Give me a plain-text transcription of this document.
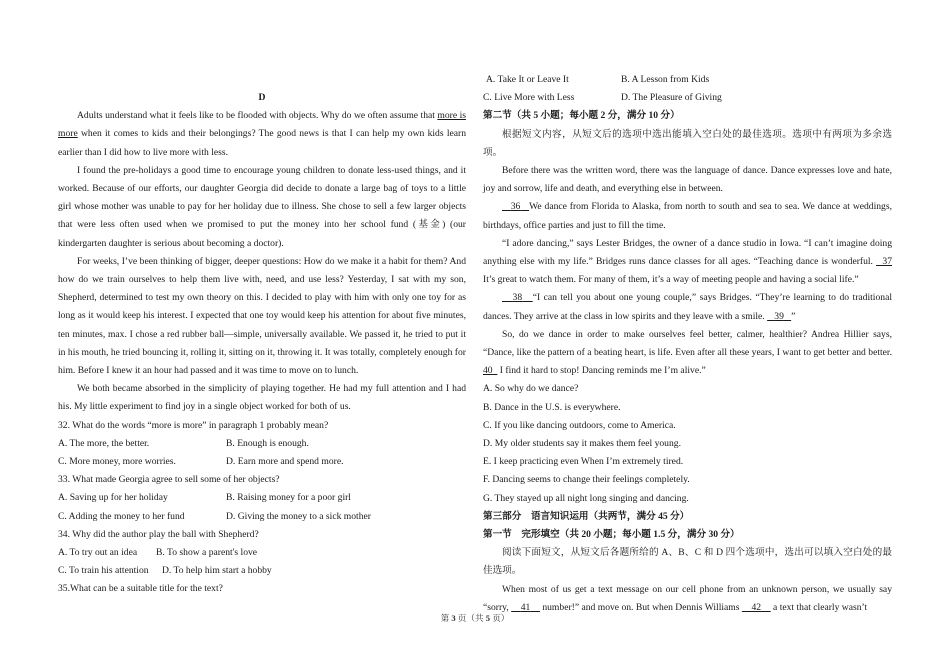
D

Adults understand what it feels like to be flooded with objects. Why do we often assume that more is more when it comes to kids and their belongings? The good news is that I can help my own kids learn earlier than I did how to live more with less.

I found the pre-holidays a good time to encourage young children to donate less-used things, and it worked. Because of our efforts, our daughter Georgia did decide to donate a large bag of toys to a little girl whose mother was unable to pay for her holiday due to illness. She chose to sell a few larger objects that were less often used when we promised to put the money into her school fund (基金) (our kindergarten daughter is serious about becoming a doctor).

For weeks, I’ve been thinking of bigger, deeper questions: How do we make it a habit for them? And how do we train ourselves to help them live with, need, and use less? Yesterday, I sat with my son, Shepherd, determined to test my own theory on this. I decided to play with him with only one toy for as long as it would keep his interest. I expected that one toy would keep his attention for about five minutes, ten minutes, max. I chose a red rubber ball—simple, universally available. We passed it, he tried to put it in his mouth, he tried bouncing it, rolling it, sitting on it, throwing it. It was totally, completely enough for him. Before I knew it an hour had passed and it was time to move on to lunch.

We both became absorbed in the simplicity of playing together. He had my full attention and I had his. My little experiment to find joy in a single object worked for both of us.

32. What do the words “more is more” in paragraph 1 probably mean?

A. The more, the better.	B. Enough is enough.
C. More money, more worries.	D. Earn more and spend more.

33. What made Georgia agree to sell some of her objects?

A. Saving up for her holiday	B. Raising money for a poor girl
C. Adding the money to her fund	D. Giving the money to a sick mother

34. Why did the author play the ball with Shepherd?

A. To try out an idea	B. To show a parent's love
C. To train his attention	D. To help him start a hobby

35.What can be a suitable title for the text?

A. Take It or Leave It	B. A Lesson from Kids
C. Live More with Less	D. The Pleasure of Giving

第二节（共 5 小题；每小题 2 分，满分 10 分）

根据短文内容，从短文后的选项中选出能填入空白处的最佳选项。选项中有两项为多余选项。

Before there was the written word, there was the language of dance. Dance expresses love and hate, joy and sorrow, life and death, and everything else in between.

36 We dance from Florida to Alaska, from north to south and sea to sea. We dance at weddings, birthdays, office parties and just to fill the time.

“I adore dancing,” says Lester Bridges, the owner of a dance studio in Iowa. “I can’t imagine doing anything else with my life.” Bridges runs dance classes for all ages. “Teaching dance is wonderful.   37 It’s great to watch them. For many of them, it’s a way of meeting people and having a social life.”

38 “I can tell you about one young couple,” says Bridges. “They’re learning to do traditional dances. They arrive at the class in low spirits and they leave with a smile.    39 ”

So, do we dance in order to make ourselves feel better, calmer, healthier? Andrea Hillier says, “Dance, like the pattern of a beating heart, is life. Even after all these years, I want to get better and better. 40   I find it hard to stop! Dancing reminds me I’m alive.”

A. So why do we dance?

B. Dance in the U.S. is everywhere.

C. If you like dancing outdoors, come to America.

D. My older students say it makes them feel young.

E. I keep practicing even When I’m extremely tired.

F. Dancing seems to change their feelings completely.

G. They stayed up all night long singing and dancing.

第三部分　语言知识运用（共两节，满分 45 分）

第一节　完形填空（共 20 小题；每小题 1.5 分，满分 30 分）

阅读下面短文，从短文后各题所给的 A、B、C 和 D 四个选项中，选出可以填入空白处的最佳选项。

When most of us get a text message on our cell phone from an unknown person, we usually say “sorry,     41     number!” and move on. But when Dennis Williams     42     a text that clearly wasn’t

第 3 页（共 5 页）
